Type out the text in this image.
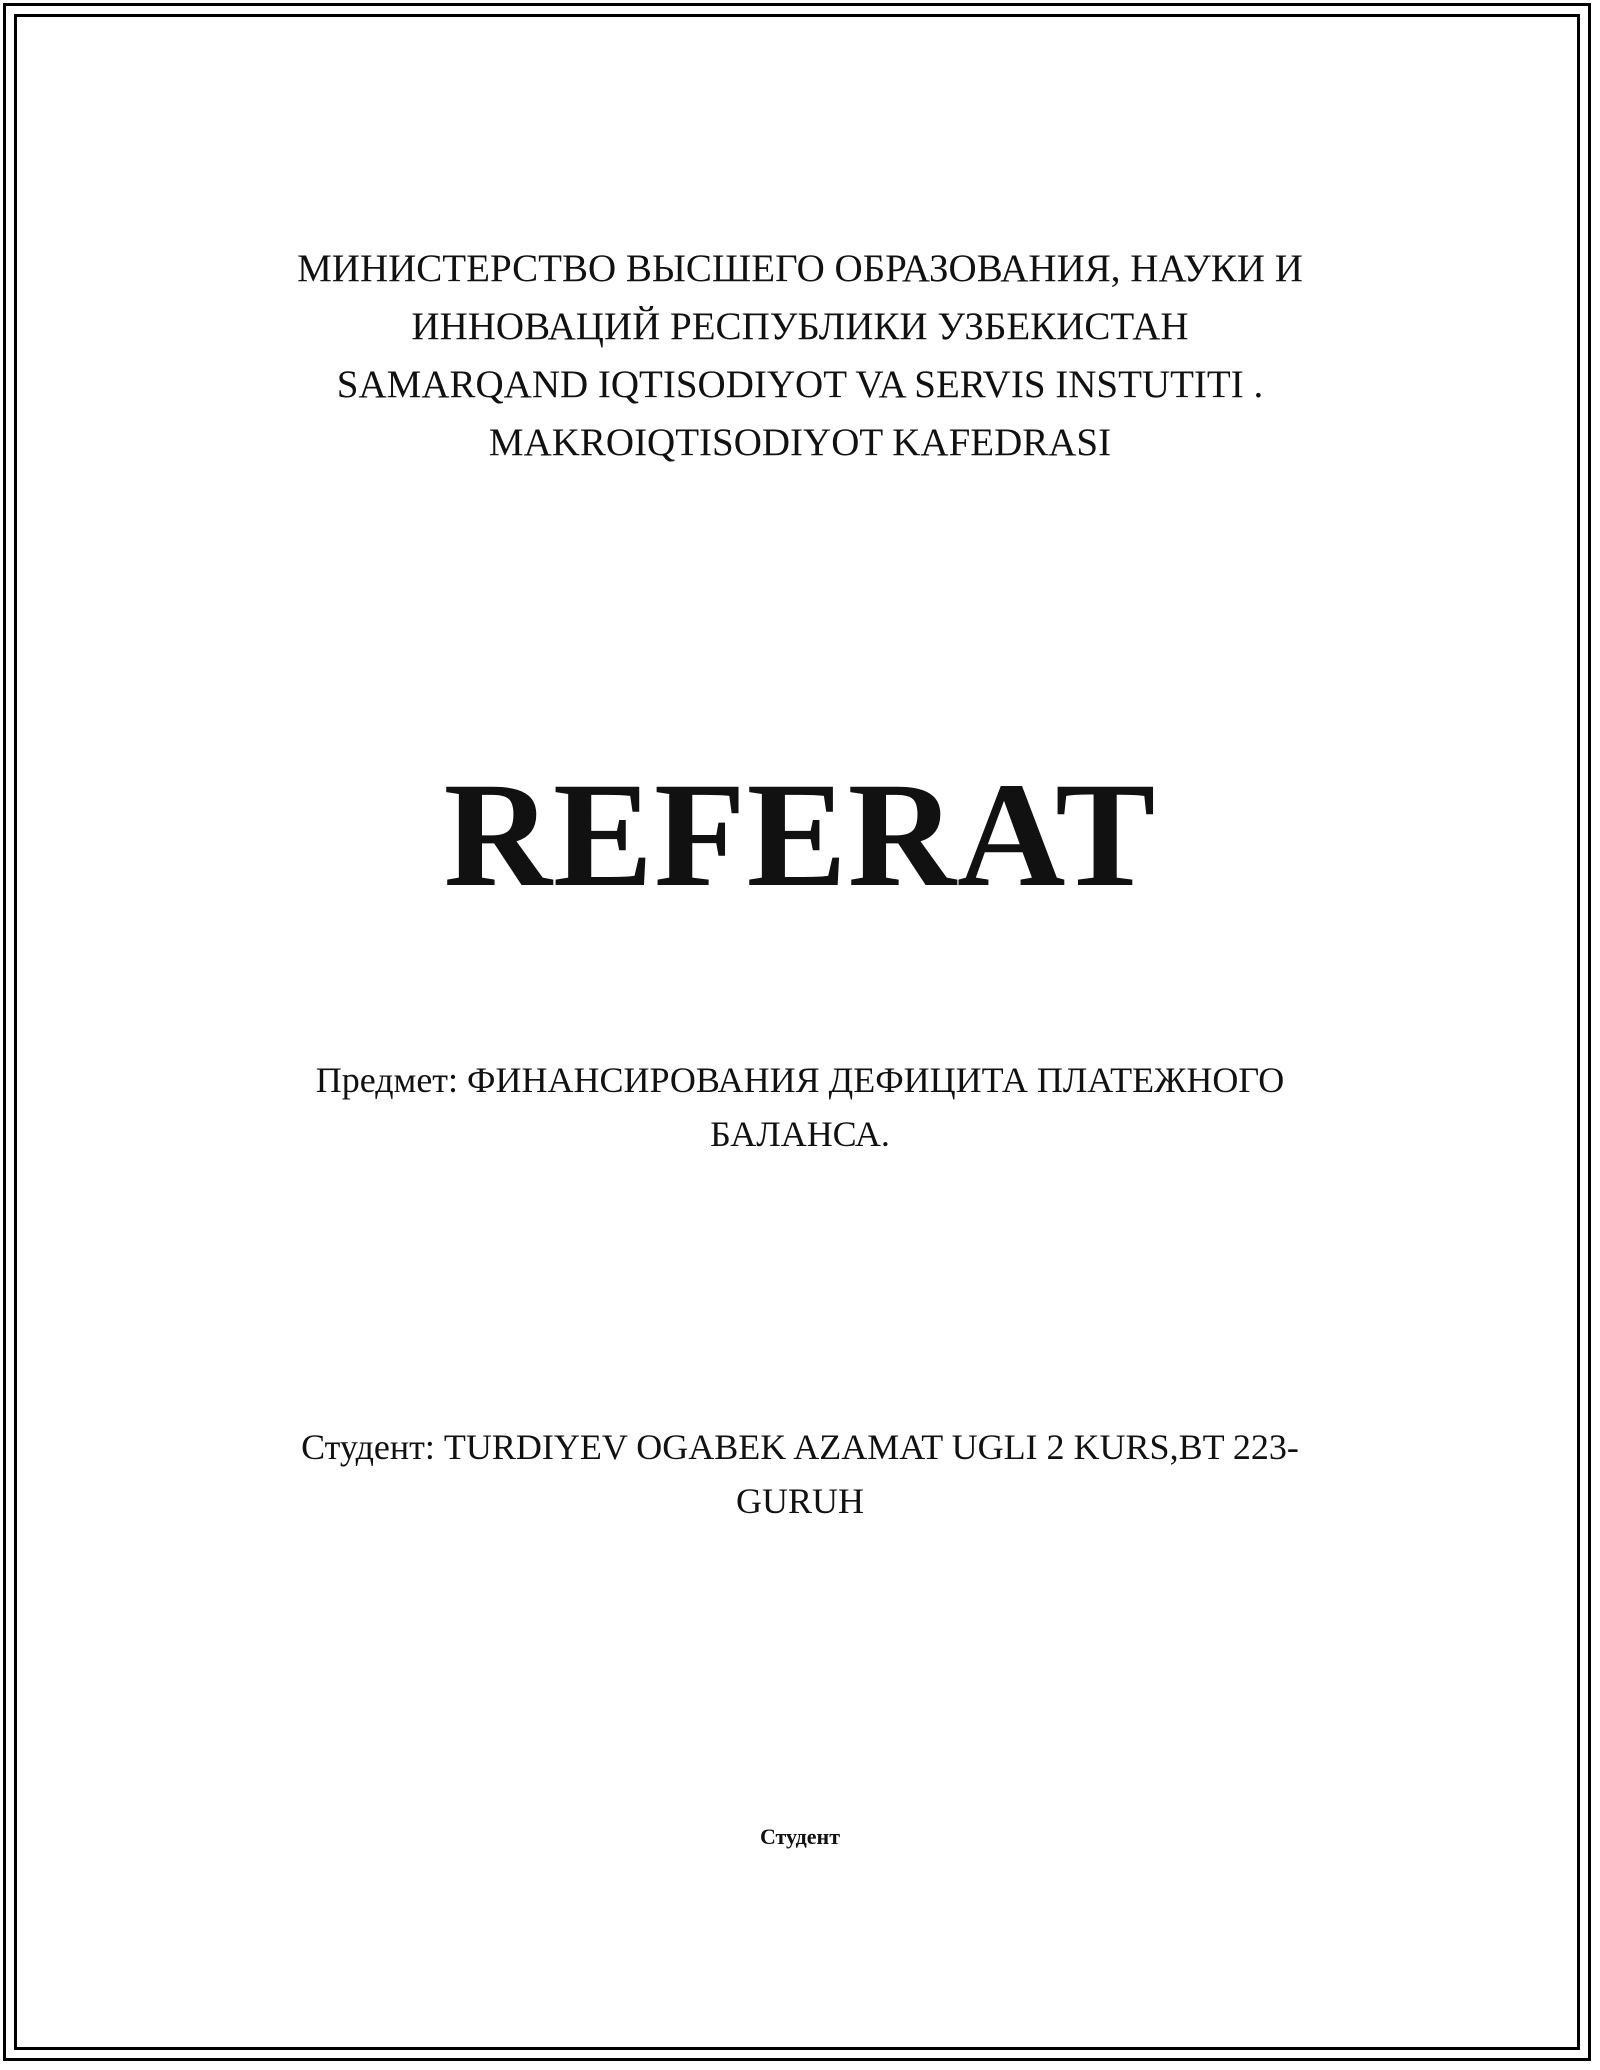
МИНИСТЕРСТВО ВЫСШЕГО ОБРАЗОВАНИЯ, НАУКИ И
ИННОВАЦИЙ РЕСПУБЛИКИ УЗБЕКИСТАН
SAMARQAND IQTISODIYOT VA SERVIS INSTUTITI .
MAKROIQTISODIYOT KAFEDRASI
REFERAT
Предмет: ФИНАНСИРОВАНИЯ ДЕФИЦИТА ПЛАТЕЖНОГО
БАЛАНСА.
Студент: TURDIYEV OGABEK AZAMAT UGLI 2 KURS,BT 223-
GURUH
Студент
